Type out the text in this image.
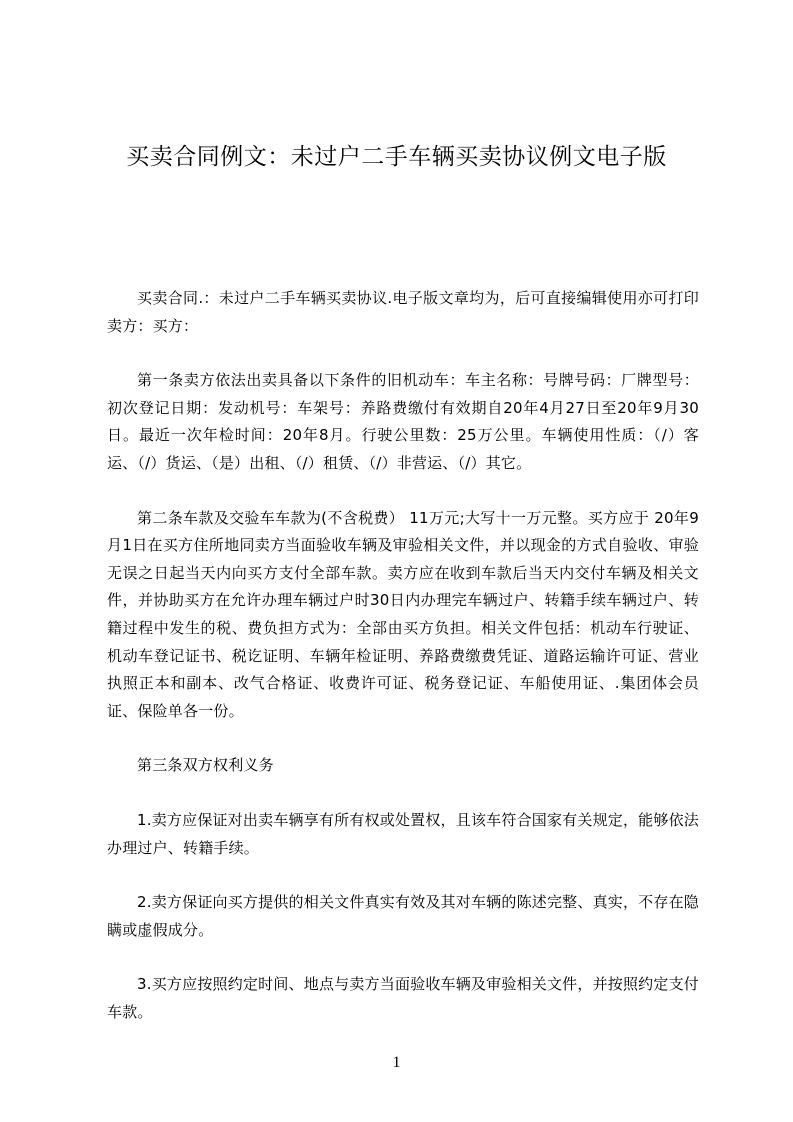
买卖合同例文：未过户二手车辆买卖协议例文电子版

买卖合同.：未过户二手车辆买卖协议.电子版文章均为，后可直接编辑使用亦可打印卖方：买方：

第一条卖方依法出卖具备以下条件的旧机动车：车主名称：号牌号码：厂牌型号：初次登记日期：发动机号：车架号：养路费缴付有效期自20年4月27日至20年9月30日。最近一次年检时间：20年8月。行驶公里数：25万公里。车辆使用性质：（/）客运、（/）货运、（是）出租、（/）租赁、（/）非营运、（/）其它。

第二条车款及交验车车款为(不含税费） 11万元;大写十一万元整。买方应于 20年9月1日在买方住所地同卖方当面验收车辆及审验相关文件，并以现金的方式自验收、审验无误之日起当天内向买方支付全部车款。卖方应在收到车款后当天内交付车辆及相关文件，并协助买方在允许办理车辆过户时30日内办理完车辆过户、转籍手续车辆过户、转籍过程中发生的税、费负担方式为：全部由买方负担。相关文件包括：机动车行驶证、机动车登记证书、税讫证明、车辆年检证明、养路费缴费凭证、道路运输许可证、营业执照正本和副本、改气合格证、收费许可证、税务登记证、车船使用证、.集团体会员证、保险单各一份。

第三条双方权利义务

1.卖方应保证对出卖车辆享有所有权或处置权，且该车符合国家有关规定，能够依法办理过户、转籍手续。

2.卖方保证向买方提供的相关文件真实有效及其对车辆的陈述完整、真实，不存在隐瞒或虚假成分。

3.买方应按照约定时间、地点与卖方当面验收车辆及审验相关文件，并按照约定支付车款。

1
